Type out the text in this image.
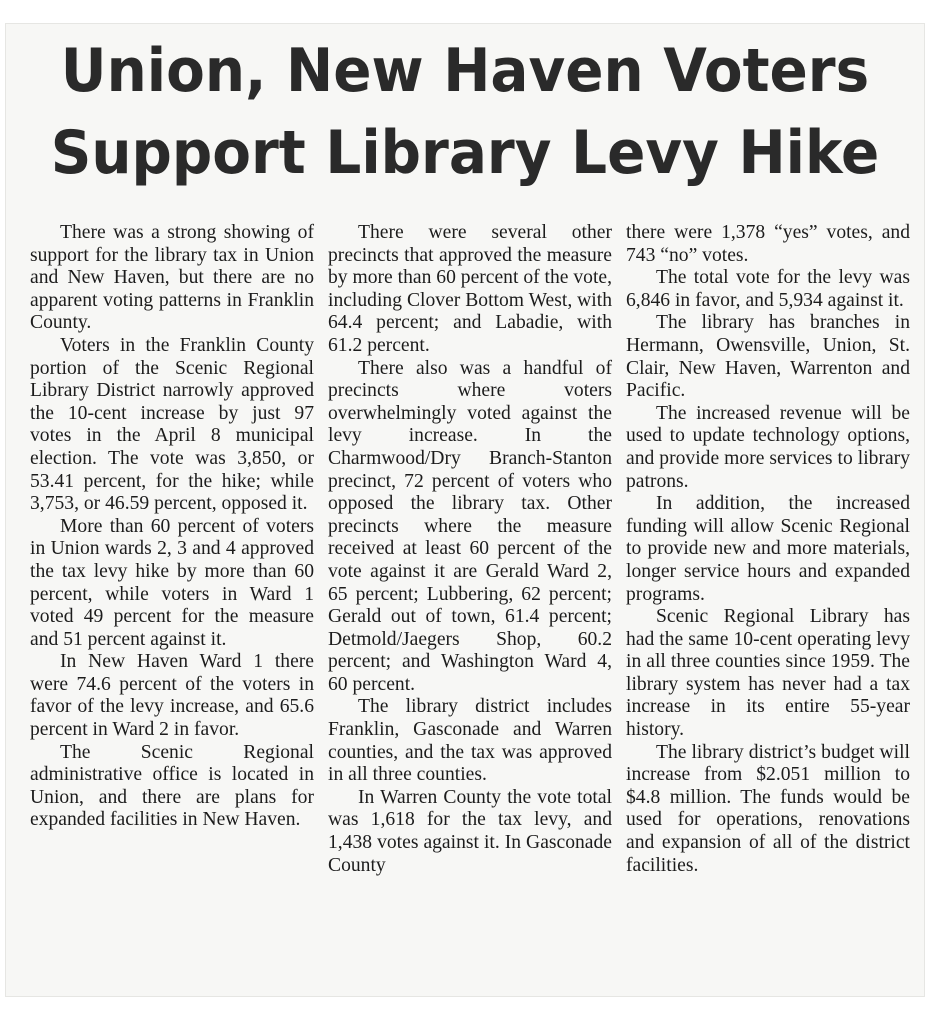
Union, New Haven Voters
Support Library Levy Hike

There was a strong showing of support for the library tax in Union and New Haven, but there are no apparent voting patterns in Franklin County.

Voters in the Franklin County portion of the Scenic Regional Library District narrowly approved the 10-cent increase by just 97 votes in the April 8 municipal election. The vote was 3,850, or 53.41 percent, for the hike; while 3,753, or 46.59 percent, opposed it.

More than 60 percent of voters in Union wards 2, 3 and 4 approved the tax levy hike by more than 60 percent, while voters in Ward 1 voted 49 percent for the measure and 51 percent against it.

In New Haven Ward 1 there were 74.6 percent of the voters in favor of the levy increase, and 65.6 percent in Ward 2 in favor.

The Scenic Regional administrative office is located in Union, and there are plans for expanded facilities in New Haven.

There were several other precincts that approved the measure by more than 60 percent of the vote, including Clover Bottom West, with 64.4 percent; and Labadie, with 61.2 percent.

There also was a handful of precincts where voters overwhelmingly voted against the levy increase. In the Charmwood/Dry Branch-Stanton precinct, 72 percent of voters who opposed the library tax. Other precincts where the measure received at least 60 percent of the vote against it are Gerald Ward 2, 65 percent; Lubbering, 62 percent; Gerald out of town, 61.4 percent; Detmold/Jaegers Shop, 60.2 percent; and Washington Ward 4, 60 percent.

The library district includes Franklin, Gasconade and Warren counties, and the tax was approved in all three counties.

In Warren County the vote total was 1,618 for the tax levy, and 1,438 votes against it. In Gasconade County

there were 1,378 “yes” votes, and 743 “no” votes.

The total vote for the levy was 6,846 in favor, and 5,934 against it.

The library has branches in Hermann, Owensville, Union, St. Clair, New Haven, Warrenton and Pacific.

The increased revenue will be used to update technology options, and provide more services to library patrons.

In addition, the increased funding will allow Scenic Regional to provide new and more materials, longer service hours and expanded programs.

Scenic Regional Library has had the same 10-cent operating levy in all three counties since 1959. The library system has never had a tax increase in its entire 55-year history.

The library district’s budget will increase from $2.051 million to $4.8 million. The funds would be used for operations, renovations and expansion of all of the district facilities.
